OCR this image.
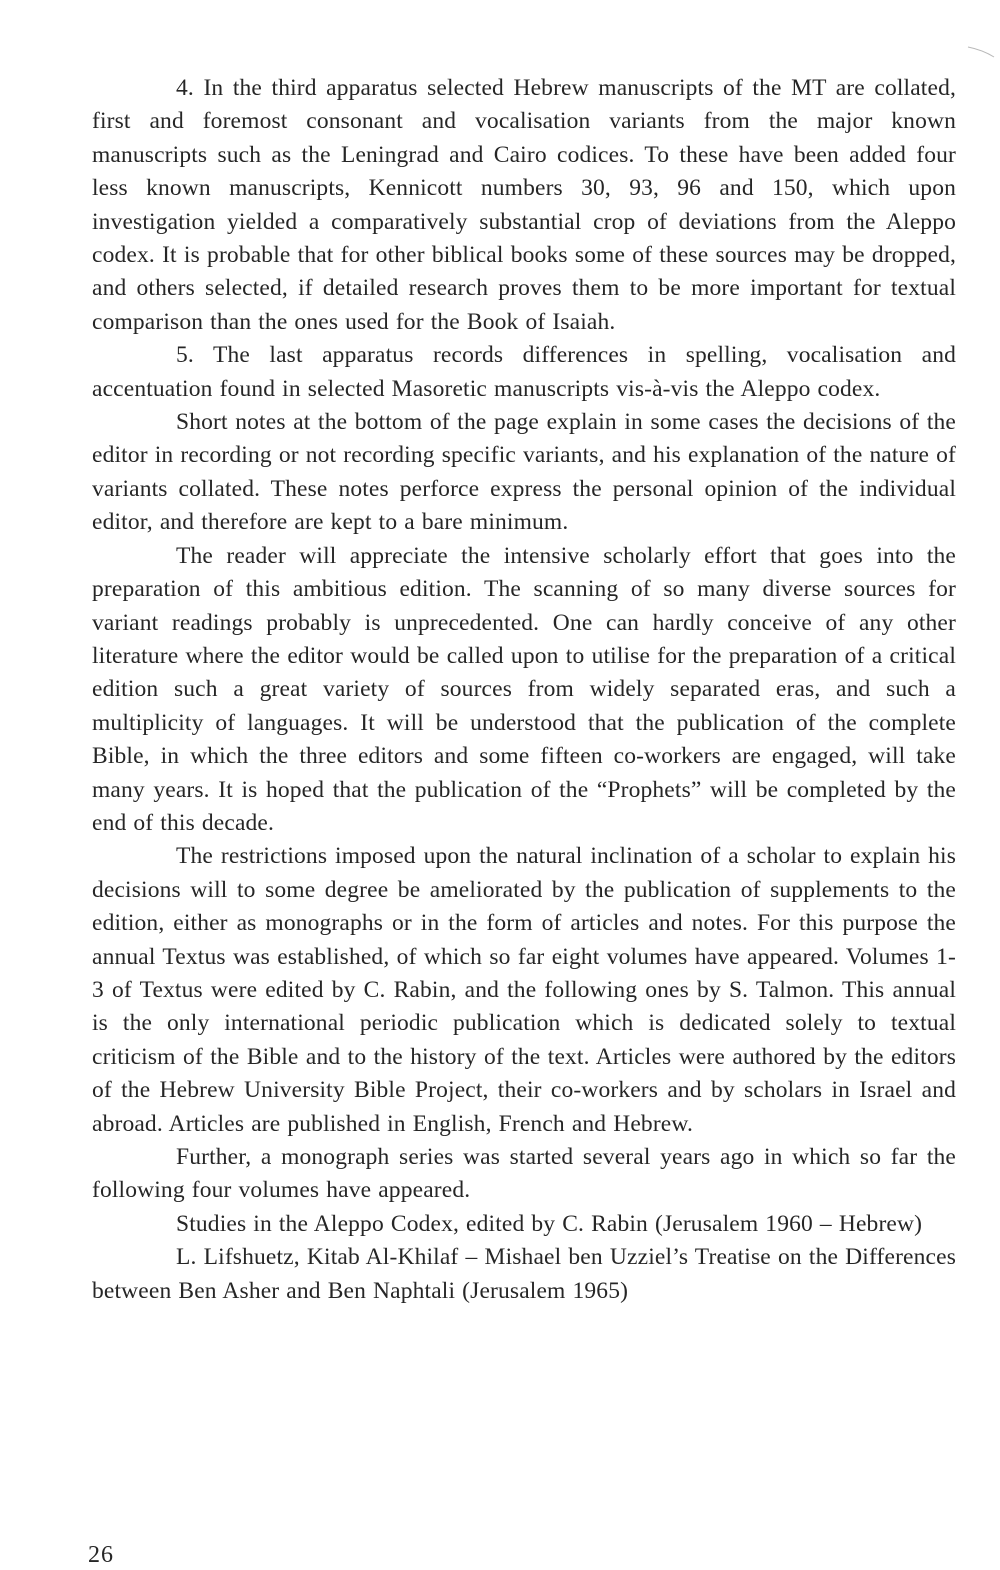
4. In the third apparatus selected Hebrew manuscripts of the MT are collated, first and foremost consonant and vocalisation variants from the major known manuscripts such as the Leningrad and Cairo codices. To these have been added four less known manuscripts, Kennicott numbers 30, 93, 96 and 150, which upon investigation yielded a comparatively substantial crop of deviations from the Aleppo codex. It is probable that for other biblical books some of these sources may be dropped, and others selected, if detailed research proves them to be more important for textual comparison than the ones used for the Book of Isaiah.

5. The last apparatus records differences in spelling, vocalisation and accentuation found in selected Masoretic manuscripts vis-à-vis the Aleppo codex.

Short notes at the bottom of the page explain in some cases the decisions of the editor in recording or not recording specific variants, and his explanation of the nature of variants collated. These notes perforce express the personal opinion of the individual editor, and therefore are kept to a bare minimum.

The reader will appreciate the intensive scholarly effort that goes into the preparation of this ambitious edition. The scanning of so many diverse sources for variant readings probably is unprecedented. One can hardly conceive of any other literature where the editor would be called upon to utilise for the preparation of a critical edition such a great variety of sources from widely separated eras, and such a multiplicity of languages. It will be understood that the publication of the complete Bible, in which the three editors and some fifteen co-workers are engaged, will take many years. It is hoped that the publication of the “Prophets” will be completed by the end of this decade.

The restrictions imposed upon the natural inclination of a scholar to explain his decisions will to some degree be ameliorated by the publication of supplements to the edition, either as monographs or in the form of articles and notes. For this purpose the annual Textus was established, of which so far eight volumes have appeared. Volumes 1-3 of Textus were edited by C. Rabin, and the following ones by S. Talmon. This annual is the only international periodic publication which is dedicated solely to textual criticism of the Bible and to the history of the text. Articles were authored by the editors of the Hebrew University Bible Project, their co-workers and by scholars in Israel and abroad. Articles are published in English, French and Hebrew.

Further, a monograph series was started several years ago in which so far the following four volumes have appeared.

Studies in the Aleppo Codex, edited by C. Rabin (Jerusalem 1960 – Hebrew)

L. Lifshuetz, Kitab Al-Khilaf – Mishael ben Uzziel’s Treatise on the Differences between Ben Asher and Ben Naphtali (Jerusalem 1965)

26
